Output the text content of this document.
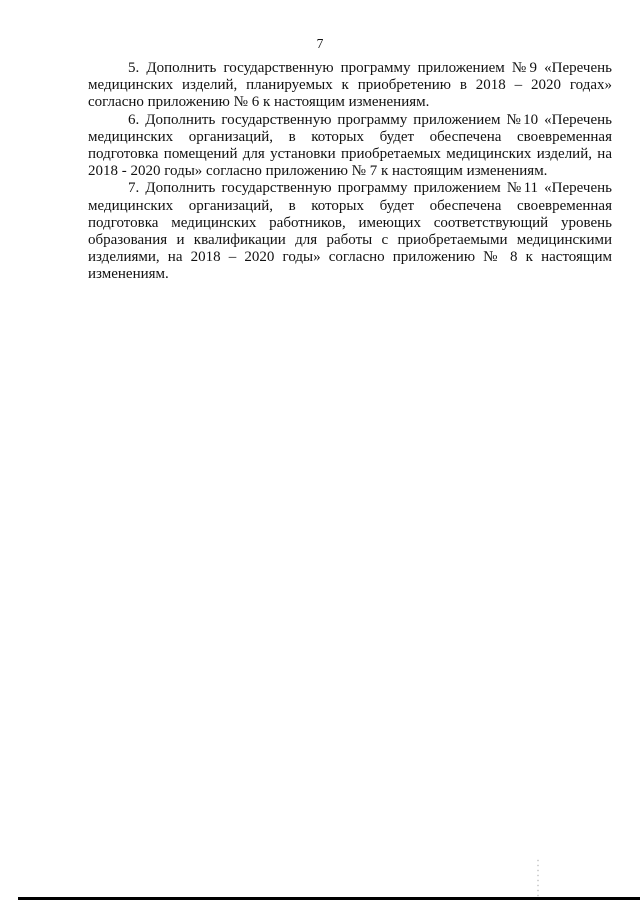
7

5. Дополнить государственную программу приложением №9 «Перечень медицинских изделий, планируемых к приобретению в 2018 – 2020 годах» согласно приложению № 6 к настоящим изменениям.

6. Дополнить государственную программу приложением №10 «Перечень медицинских организаций, в которых будет обеспечена своевременная подготовка помещений для установки приобретаемых медицинских изделий, на 2018 - 2020 годы» согласно приложению № 7 к настоящим изменениям.

7. Дополнить государственную программу приложением №11 «Перечень медицинских организаций, в которых будет обеспечена своевременная подготовка медицинских работников, имеющих соответствующий уровень образования и квалификации для работы с приобретаемыми медицинскими изделиями, на 2018 – 2020 годы» согласно приложению № 8 к настоящим изменениям.
